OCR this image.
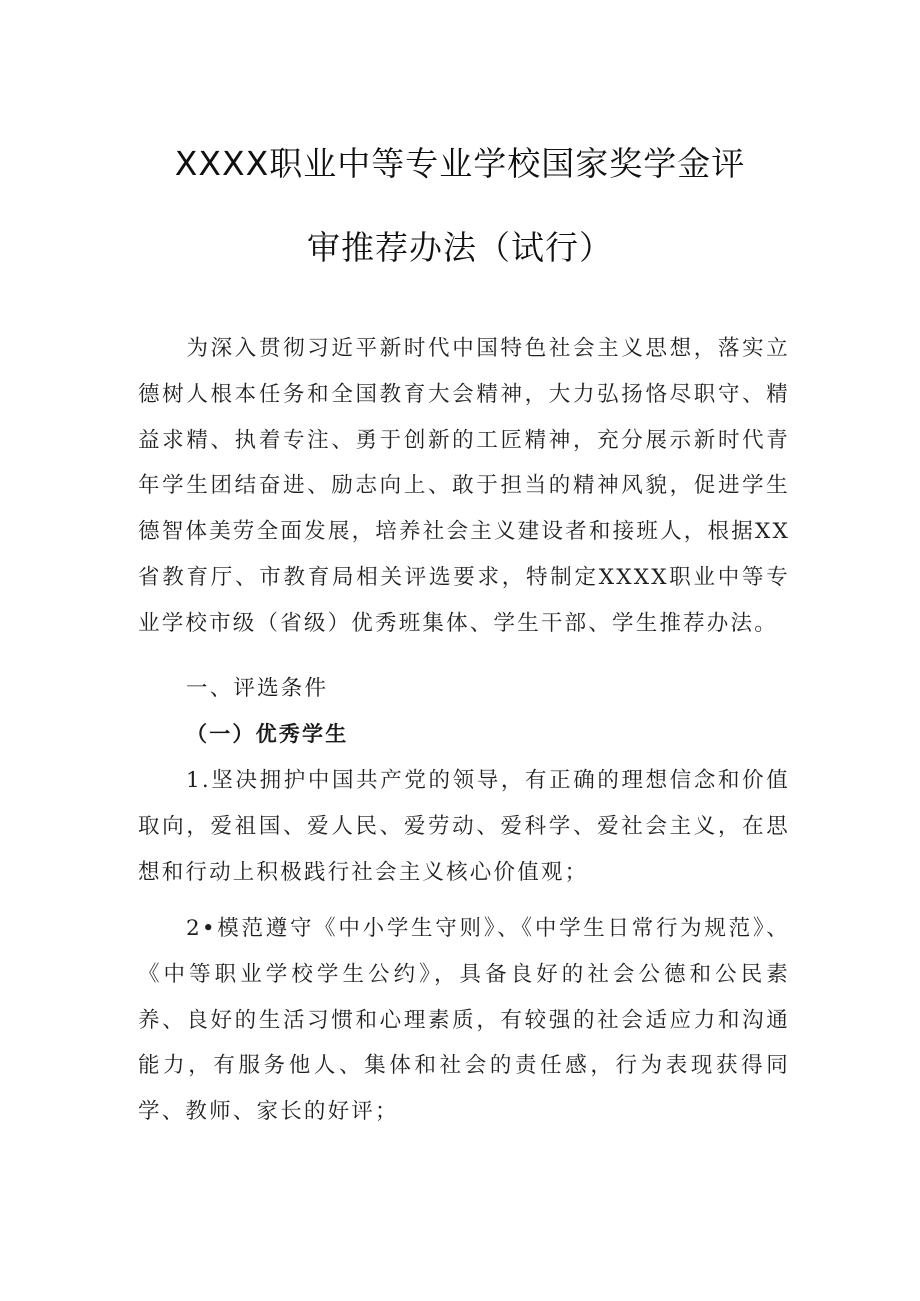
XXXX职业中等专业学校国家奖学金评
审推荐办法（试行）
为深入贯彻习近平新时代中国特色社会主义思想，落实立德树人根本任务和全国教育大会精神，大力弘扬恪尽职守、精益求精、执着专注、勇于创新的工匠精神，充分展示新时代青年学生团结奋进、励志向上、敢于担当的精神风貌，促进学生德智体美劳全面发展，培养社会主义建设者和接班人，根据XX省教育厅、市教育局相关评选要求，特制定XXXX职业中等专业学校市级（省级）优秀班集体、学生干部、学生推荐办法。
一、评选条件
（一）优秀学生
1.坚决拥护中国共产党的领导，有正确的理想信念和价值取向，爱祖国、爱人民、爱劳动、爱科学、爱社会主义，在思想和行动上积极践行社会主义核心价值观；
2•模范遵守《中小学生守则》、《中学生日常行为规范》、《中等职业学校学生公约》，具备良好的社会公德和公民素养、良好的生活习惯和心理素质，有较强的社会适应力和沟通能力，有服务他人、集体和社会的责任感，行为表现获得同学、教师、家长的好评；
